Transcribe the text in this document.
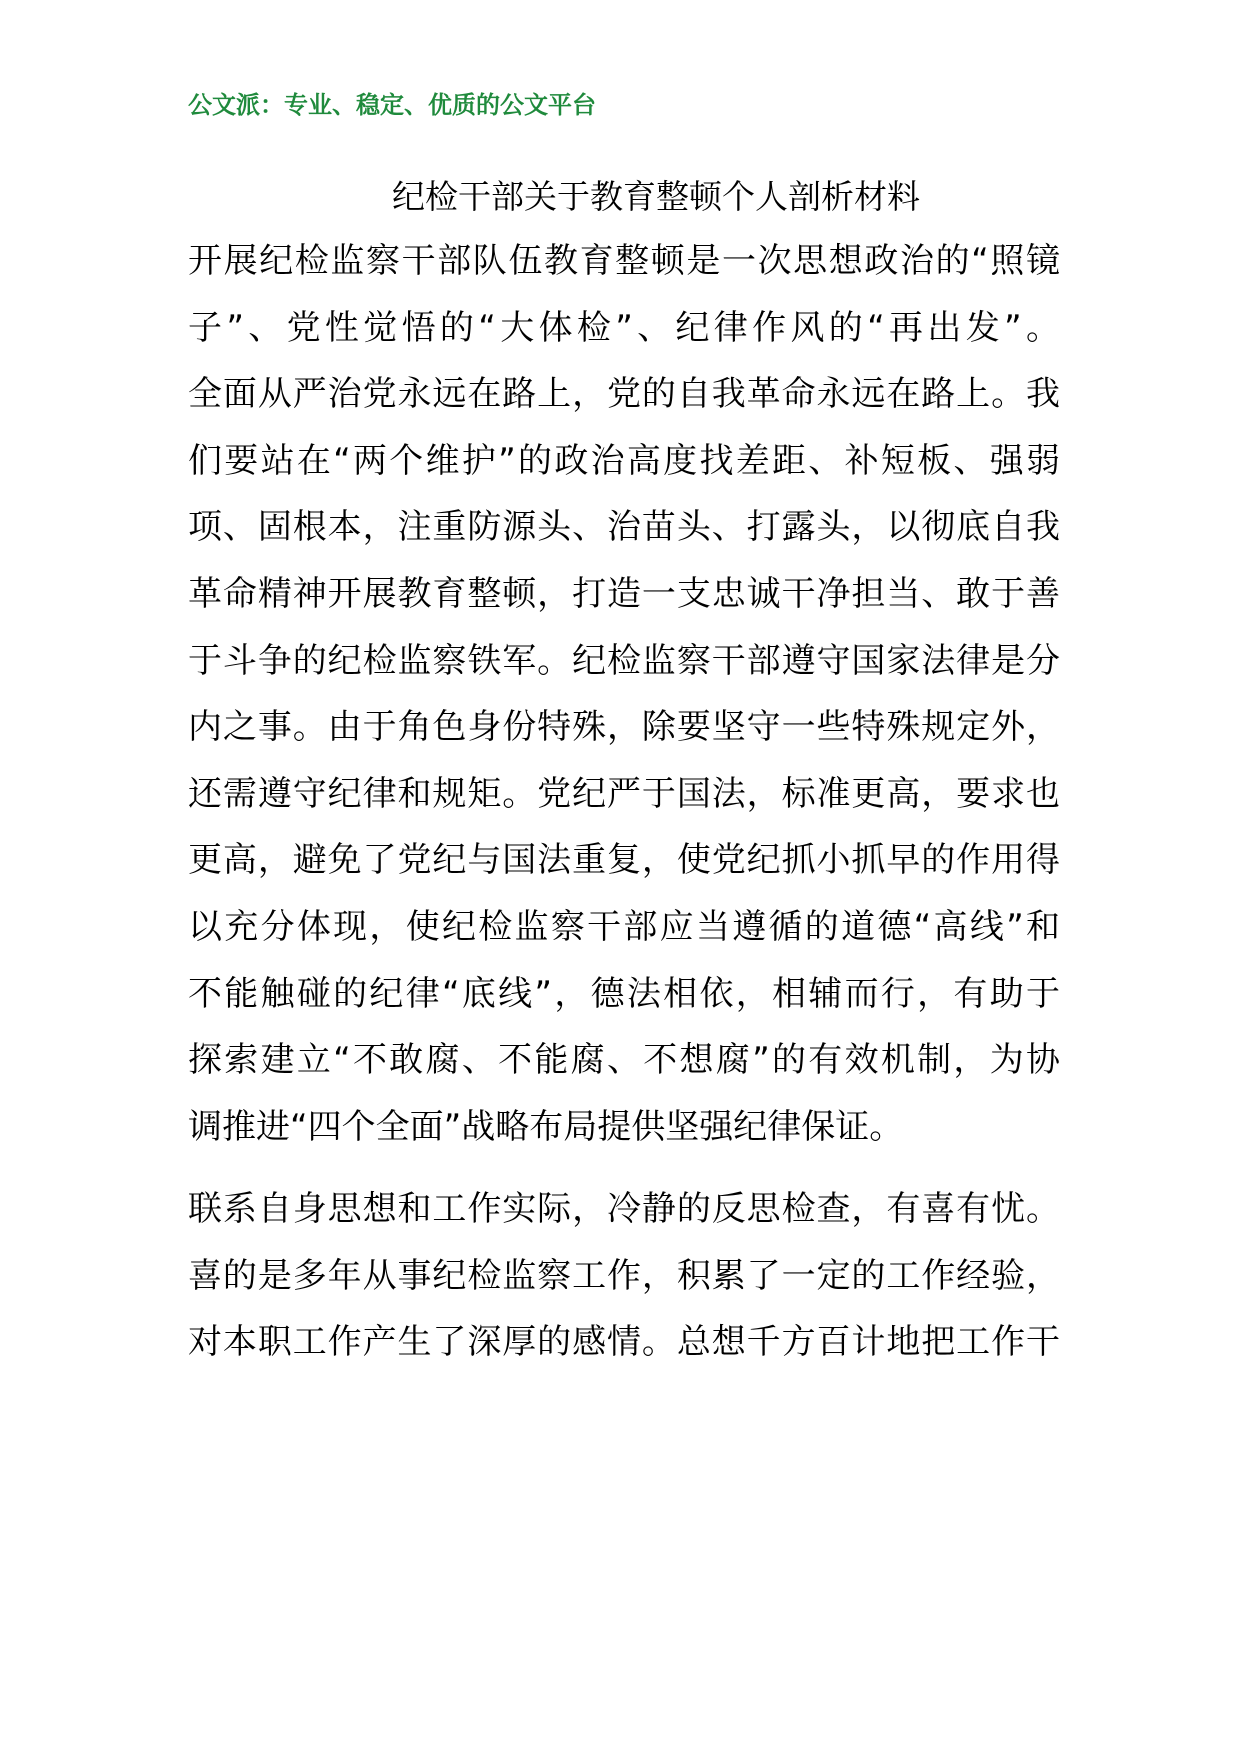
公文派：专业、稳定、优质的公文平台
纪检干部关于教育整顿个人剖析材料
开展纪检监察干部队伍教育整顿是一次思想政治的“照镜
子”、党性觉悟的“大体检”、纪律作风的“再出发”。
全面从严治党永远在路上，党的自我革命永远在路上。我
们要站在“两个维护”的政治高度找差距、补短板、强弱
项、固根本，注重防源头、治苗头、打露头，以彻底自我
革命精神开展教育整顿，打造一支忠诚干净担当、敢于善
于斗争的纪检监察铁军。纪检监察干部遵守国家法律是分
内之事。由于角色身份特殊，除要坚守一些特殊规定外，
还需遵守纪律和规矩。党纪严于国法，标准更高，要求也
更高，避免了党纪与国法重复，使党纪抓小抓早的作用得
以充分体现，使纪检监察干部应当遵循的道德“高线”和
不能触碰的纪律“底线”，德法相依，相辅而行，有助于
探索建立“不敢腐、不能腐、不想腐”的有效机制，为协
调推进“四个全面”战略布局提供坚强纪律保证。
联系自身思想和工作实际，冷静的反思检查，有喜有忧。
喜的是多年从事纪检监察工作，积累了一定的工作经验，
对本职工作产生了深厚的感情。总想千方百计地把工作干
